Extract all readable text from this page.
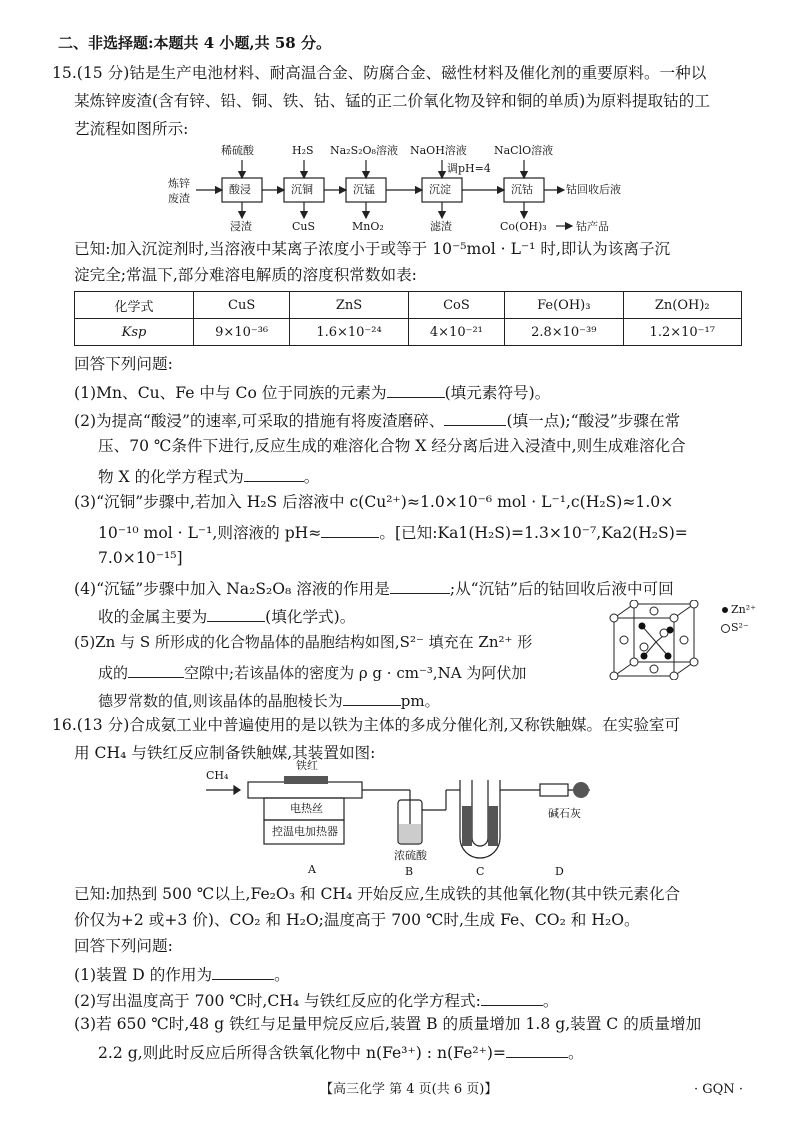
二、非选择题:本题共 4 小题,共 58 分。
15.(15 分)钴是生产电池材料、耐高温合金、防腐合金、磁性材料及催化剂的重要原料。一种以
某炼锌废渣(含有锌、铅、铜、铁、钴、锰的正二价氧化物及锌和铜的单质)为原料提取钴的工
艺流程如图所示:
炼锌
废渣
稀硫酸	H₂S Na₂S₂O₈溶液 NaOH溶液
调pH=4
NaClO溶液
酸浸	沉铜	沉锰	沉淀	沉钴
浸渣	CuS	MnO₂	滤渣	Co(OH)₃	钴产品
钴回收后液
已知:加入沉淀剂时,当溶液中某离子浓度小于或等于 10⁻⁵mol · L⁻¹ 时,即认为该离子沉
淀完全;常温下,部分难溶电解质的溶度积常数如表:
化学式	CuS	ZnS	CoS	Fe(OH)₃	Zn(OH)₂
Ksp	9×10⁻³⁶	1.6×10⁻²⁴	4×10⁻²¹	2.8×10⁻³⁹	1.2×10⁻¹⁷
回答下列问题:
(1)Mn、Cu、Fe 中与 Co 位于同族的元素为	(填元素符号)。
(2)为提高“酸浸”的速率,可采取的措施有将废渣磨碎、	(填一点);“酸浸”步骤在常
压、70 ℃条件下进行,反应生成的难溶化合物 X 经分离后进入浸渣中,则生成难溶化合
物 X 的化学方程式为	。
(3)“沉铜”步骤中,若加入 H₂S 后溶液中 c(Cu²⁺)≈1.0×10⁻⁶ mol · L⁻¹,c(H₂S)≈1.0×
10⁻¹⁰ mol · L⁻¹,则溶液的 pH≈	。[已知:Ka1(H₂S)=1.3×10⁻⁷,Ka2(H₂S)=
7.0×10⁻¹⁵]
(4)“沉锰”步骤中加入 Na₂S₂O₈ 溶液的作用是	;从“沉钴”后的钴回收后液中可回
收的金属主要为	(填化学式)。
(5)Zn 与 S 所形成的化合物晶体的晶胞结构如图,S²⁻ 填充在 Zn²⁺ 形
成的	空隙中;若该晶体的密度为 ρ g · cm⁻³,NA 为阿伏加
德罗常数的值,则该晶体的晶胞棱长为	pm。
Zn²⁺
S²⁻
16.(13 分)合成氨工业中普遍使用的是以铁为主体的多成分催化剂,又称铁触媒。在实验室可
用 CH₄ 与铁红反应制备铁触媒,其装置如图:
CH₄
铁红
电热丝
控温电加热器
浓硫酸
碱石灰
A	B	C	D
已知:加热到 500 ℃以上,Fe₂O₃ 和 CH₄ 开始反应,生成铁的其他氧化物(其中铁元素化合
价仅为+2 或+3 价)、CO₂ 和 H₂O;温度高于 700 ℃时,生成 Fe、CO₂ 和 H₂O。
回答下列问题:
(1)装置 D 的作用为	。
(2)写出温度高于 700 ℃时,CH₄ 与铁红反应的化学方程式:	。
(3)若 650 ℃时,48 g 铁红与足量甲烷反应后,装置 B 的质量增加 1.8 g,装置 C 的质量增加
2.2 g,则此时反应后所得含铁氧化物中 n(Fe³⁺) : n(Fe²⁺)=	。
【高三化学 第 4 页(共 6 页)】	· GQN ·
